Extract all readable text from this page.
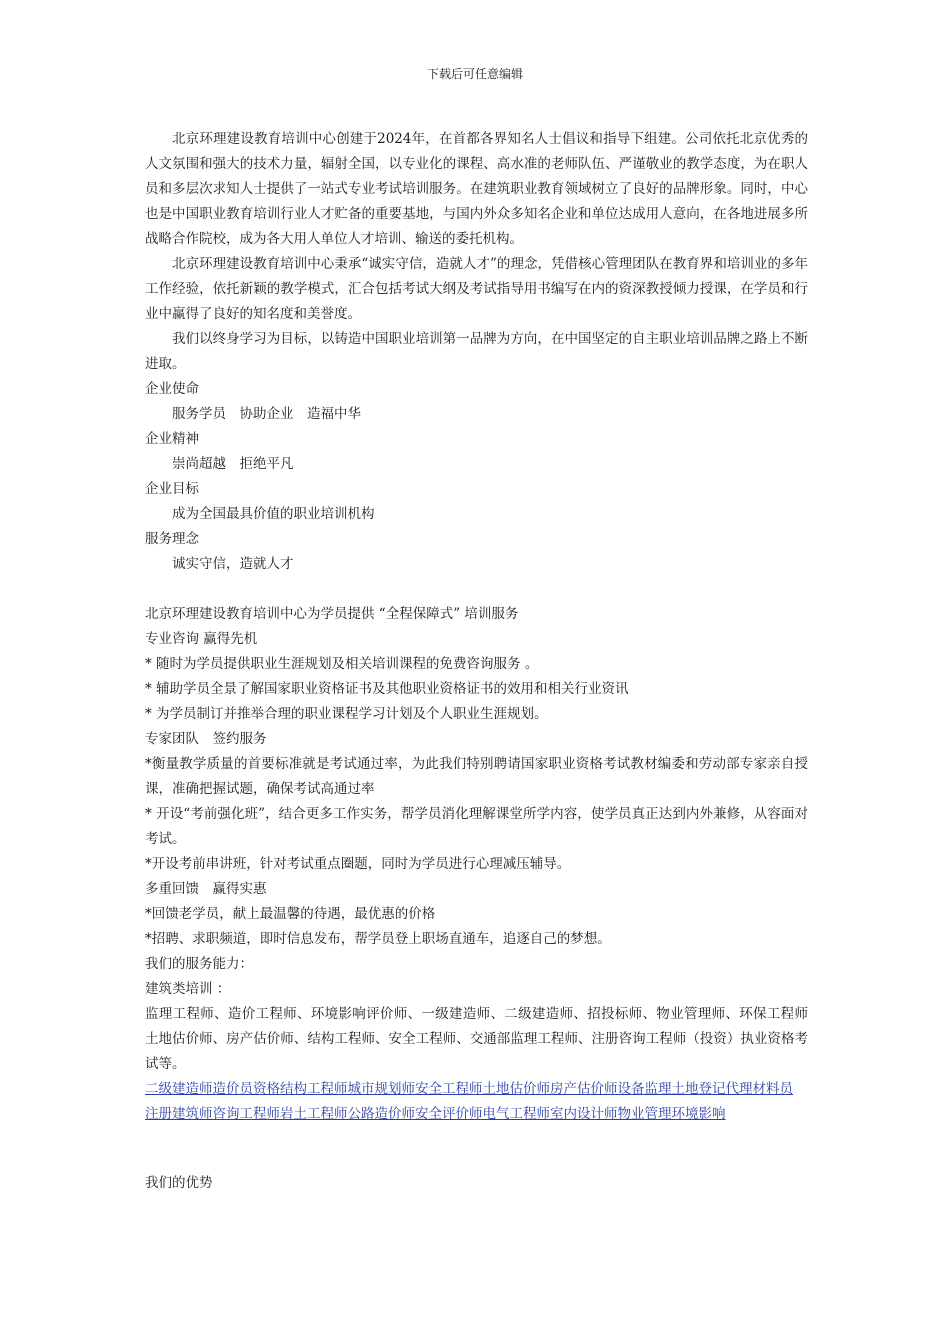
下载后可任意编辑

北京环理建设教育培训中心创建于2024年，在首都各界知名人士倡议和指导下组建。公司依托北京优秀的人文氛围和强大的技术力量，辐射全国，以专业化的课程、高水准的老师队伍、严谨敬业的教学态度，为在职人员和多层次求知人士提供了一站式专业考试培训服务。在建筑职业教育领域树立了良好的品牌形象。同时，中心也是中国职业教育培训行业人才贮备的重要基地，与国内外众多知名企业和单位达成用人意向，在各地进展多所战略合作院校，成为各大用人单位人才培训、输送的委托机构。

北京环理建设教育培训中心秉承“诚实守信，造就人才”的理念，凭借核心管理团队在教育界和培训业的多年工作经验，依托新颖的教学模式，汇合包括考试大纲及考试指导用书编写在内的资深教授倾力授课，在学员和行业中赢得了良好的知名度和美誉度。

我们以终身学习为目标，以铸造中国职业培训第一品牌为方向，在中国坚定的自主职业培训品牌之路上不断进取。

企业使命

服务学员　协助企业　造福中华

企业精神

崇尚超越　拒绝平凡

企业目标

成为全国最具价值的职业培训机构

服务理念

诚实守信，造就人才

北京环理建设教育培训中心为学员提供 “全程保障式” 培训服务

专业咨询 赢得先机

* 随时为学员提供职业生涯规划及相关培训课程的免费咨询服务 。

* 辅助学员全景了解国家职业资格证书及其他职业资格证书的效用和相关行业资讯

* 为学员制订并推举合理的职业课程学习计划及个人职业生涯规划。

专家团队　签约服务

*衡量教学质量的首要标准就是考试通过率，为此我们特别聘请国家职业资格考试教材编委和劳动部专家亲自授课，准确把握试题，确保考试高通过率

* 开设“考前强化班”，结合更多工作实务，帮学员消化理解课堂所学内容，使学员真正达到内外兼修，从容面对考试。

*开设考前串讲班，针对考试重点圈题，同时为学员进行心理减压辅导。

多重回馈　赢得实惠

*回馈老学员，献上最温馨的待遇，最优惠的价格

*招聘、求职频道，即时信息发布，帮学员登上职场直通车，追逐自己的梦想。

我们的服务能力：

建筑类培训 ：

监理工程师、造价工程师、环境影响评价师、一级建造师、二级建造师、招投标师、物业管理师、环保工程师 土地估价师、房产估价师、结构工程师、安全工程师、交通部监理工程师、注册咨询工程师（投资）执业资格考试等。

二级建造师造价员资格结构工程师城市规划师安全工程师土地估价师房产估价师设备监理土地登记代理材料员
注册建筑师咨询工程师岩土工程师公路造价师安全评价师电气工程师室内设计师物业管理环境影响

我们的优势
